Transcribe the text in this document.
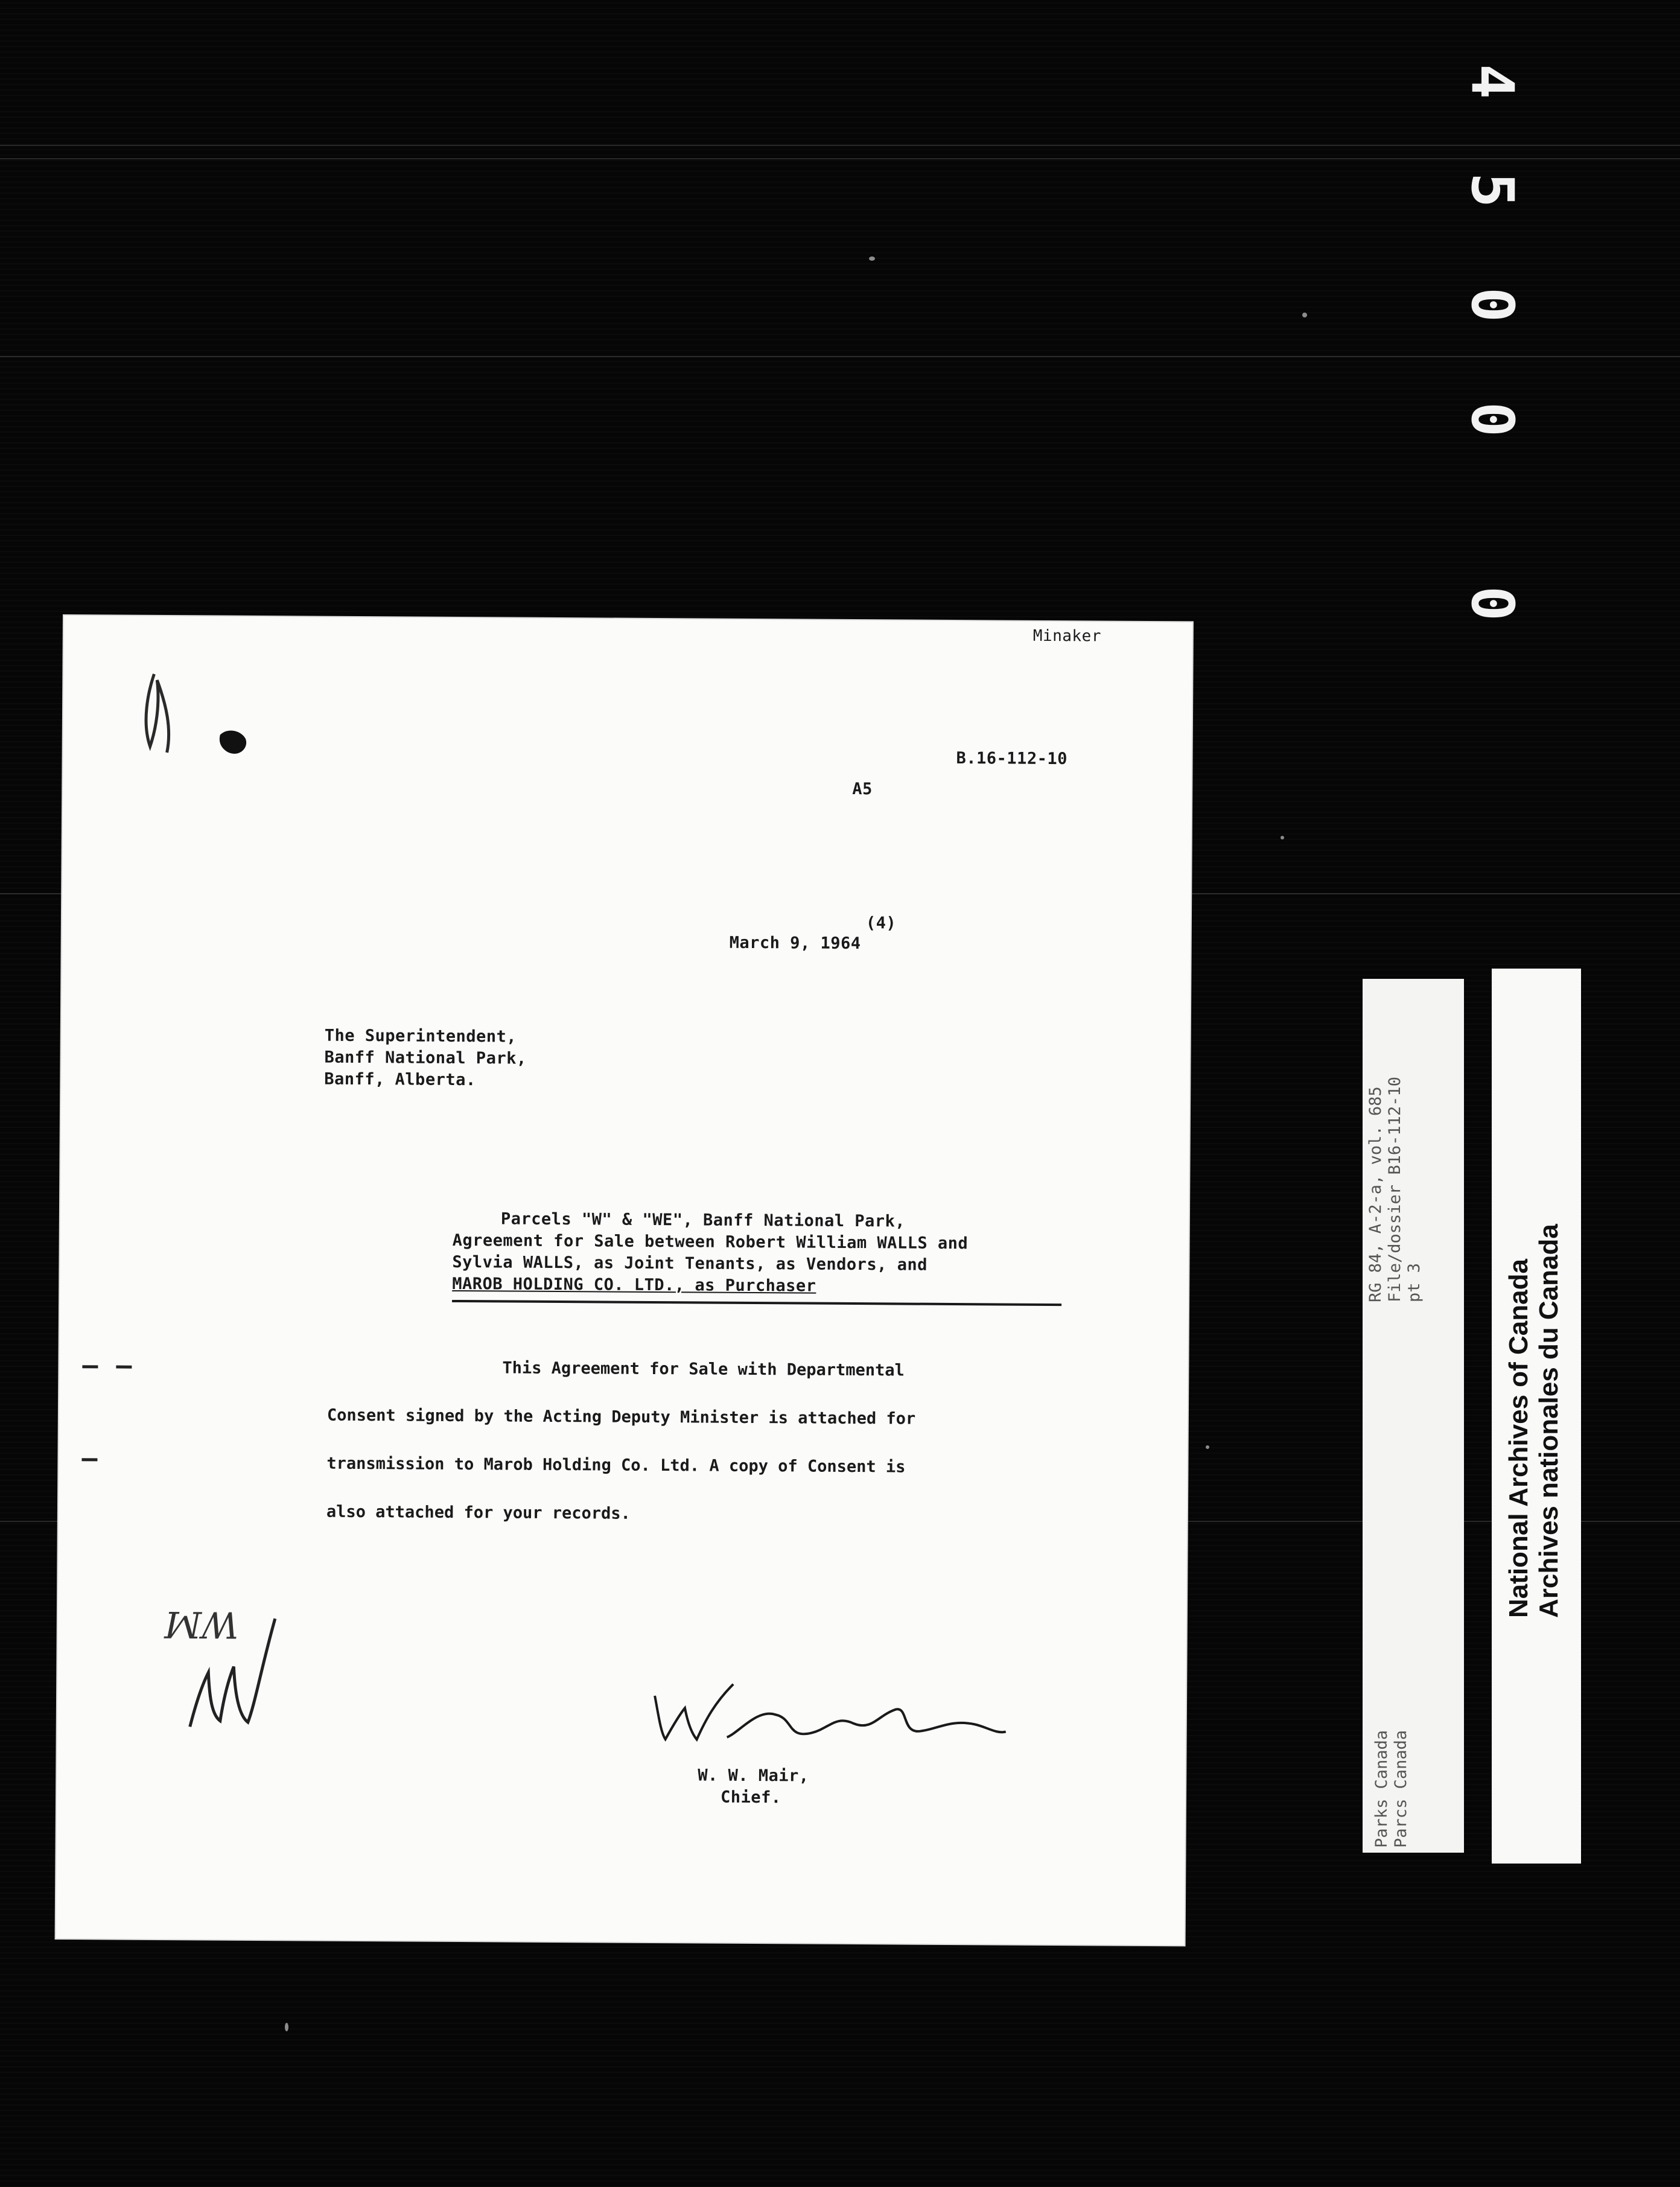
4
5
0
0
0
Minaker
B.16-112-10
A5
(4)
March 9, 1964
The Superintendent,
Banff National Park,
Banff, Alberta.
Parcels "W" & "WE", Banff National Park,
Agreement for Sale between Robert William WALLS and
Sylvia WALLS, as Joint Tenants, as Vendors, and
MAROB HOLDING CO. LTD., as Purchaser
This Agreement for Sale with Departmental
Consent signed by the Acting Deputy Minister is attached for
transmission to Marob Holding Co. Ltd. A copy of Consent is
also attached for your records.
WM
W. W. Mair,
Chief.
RG 84, A-2-a, vol. 685 File/dossier B16-112-10 pt 3
Parks Canada Parcs Canada
National Archives of Canada Archives nationales du Canada
